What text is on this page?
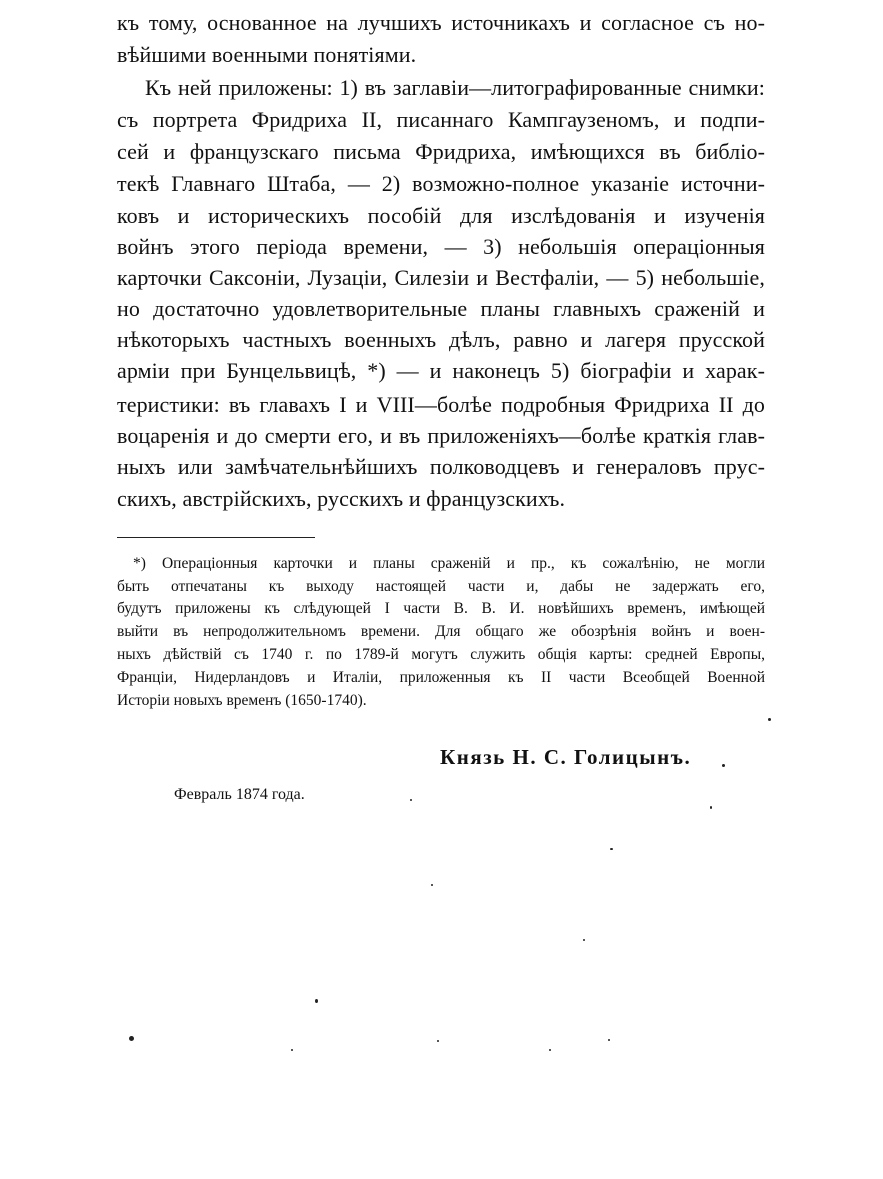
къ тому, основанное на лучшихъ источникахъ и согласное съ но-
вѣйшими военными понятіями.
Къ ней приложены: 1) въ заглавіи—литографированные снимки:
съ портрета Фридриха II, писаннаго Кампгаузеномъ, и подпи-
сей и французскаго письма Фридриха, имѣющихся въ библіо-
текѣ Главнаго Штаба, — 2) возможно-полное указаніе источни-
ковъ и историческихъ пособій для изслѣдованія и изученія
войнъ этого періода времени, — 3) небольшія операціонныя
карточки Саксоніи, Лузаціи, Силезіи и Вестфаліи, — 5) небольшіе,
но достаточно удовлетворительные планы главныхъ сраженій и
нѣкоторыхъ частныхъ военныхъ дѣлъ, равно и лагеря прусской
арміи при Бунцельвицѣ, *) — и наконецъ 5) біографіи и харак-
теристики: въ главахъ I и VIII—болѣе подробныя Фридриха II до
воцаренія и до смерти его, и въ приложеніяхъ—болѣе краткія глав-
ныхъ или замѣчательнѣйшихъ полководцевъ и генераловъ прус-
скихъ, австрійскихъ, русскихъ и французскихъ.
*) Операціонныя карточки и планы сраженій и пр., къ сожалѣнію, не могли
быть отпечатаны къ выходу настоящей части и, дабы не задержать его,
будутъ приложены къ слѣдующей I части В. В. И. новѣйшихъ временъ, имѣющей
выйти въ непродолжительномъ времени. Для общаго же обозрѣнія войнъ и воен-
ныхъ дѣйствій съ 1740 г. по 1789-й могутъ служить общія карты: средней Европы,
Франціи, Нидерландовъ и Италіи, приложенныя къ II части Всеобщей Военной
Исторіи новыхъ временъ (1650-1740).
Князь Н. С. Голицынъ.
Февраль 1874 года.
